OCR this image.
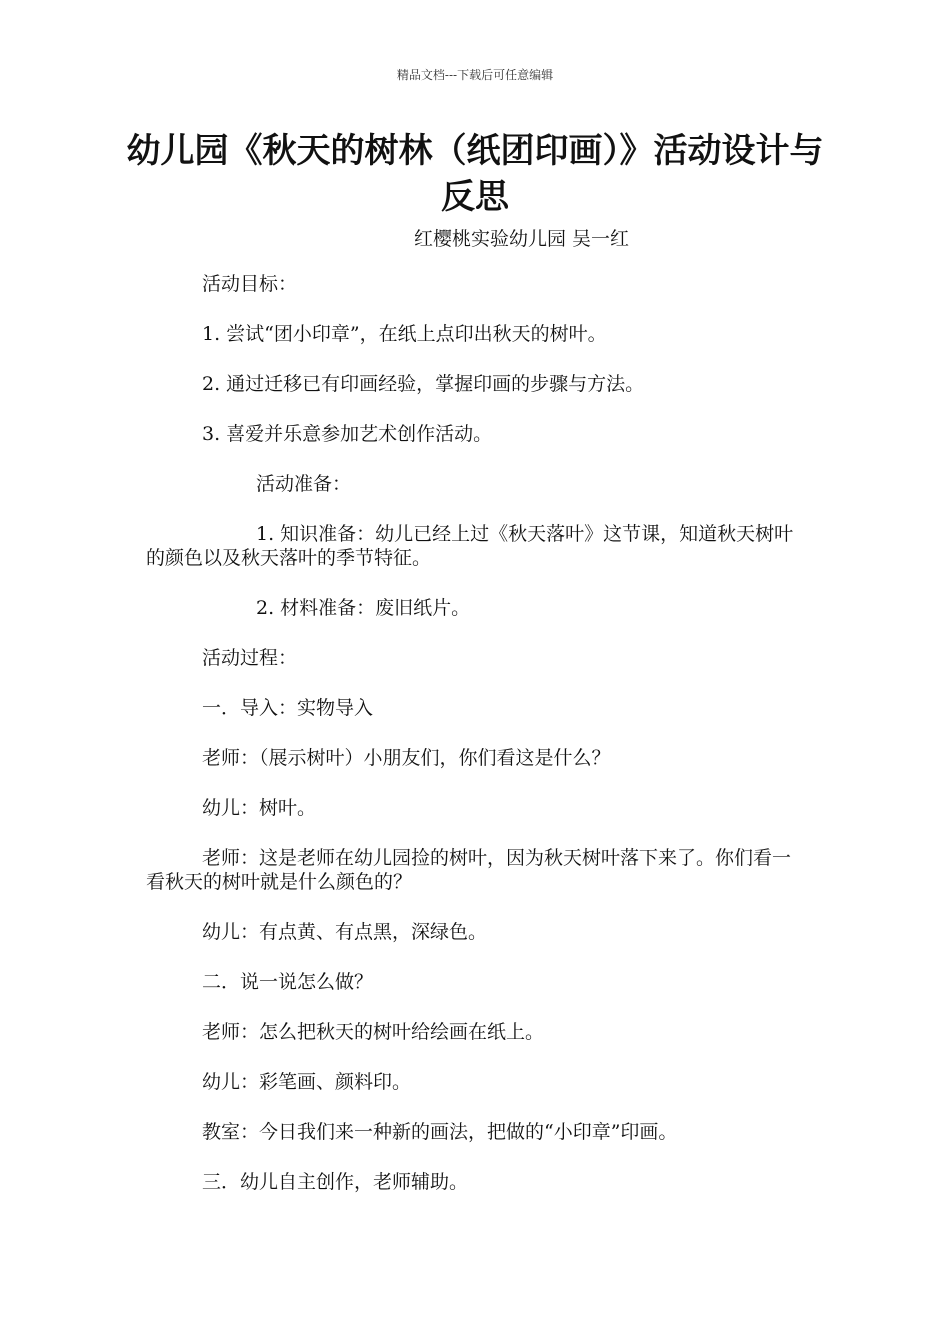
精品文档---下载后可任意编辑
幼儿园《秋天的树林（纸团印画）》活动设计与反思
红樱桃实验幼儿园 吴一红

活动目标：

1. 尝试“团小印章”，在纸上点印出秋天的树叶。

2. 通过迁移已有印画经验，掌握印画的步骤与方法。

3. 喜爱并乐意参加艺术创作活动。

活动准备：

1. 知识准备：幼儿已经上过《秋天落叶》这节课，知道秋天树叶的颜色以及秋天落叶的季节特征。

2. 材料准备：废旧纸片。

活动过程：

一．导入：实物导入

老师：（展示树叶）小朋友们，你们看这是什么？

幼儿：树叶。

老师：这是老师在幼儿园捡的树叶，因为秋天树叶落下来了。你们看一看秋天的树叶就是什么颜色的？

幼儿：有点黄、有点黑，深绿色。

二．说一说怎么做？

老师：怎么把秋天的树叶给绘画在纸上。

幼儿：彩笔画、颜料印。

教室：今日我们来一种新的画法，把做的“小印章”印画。

三．幼儿自主创作，老师辅助。
